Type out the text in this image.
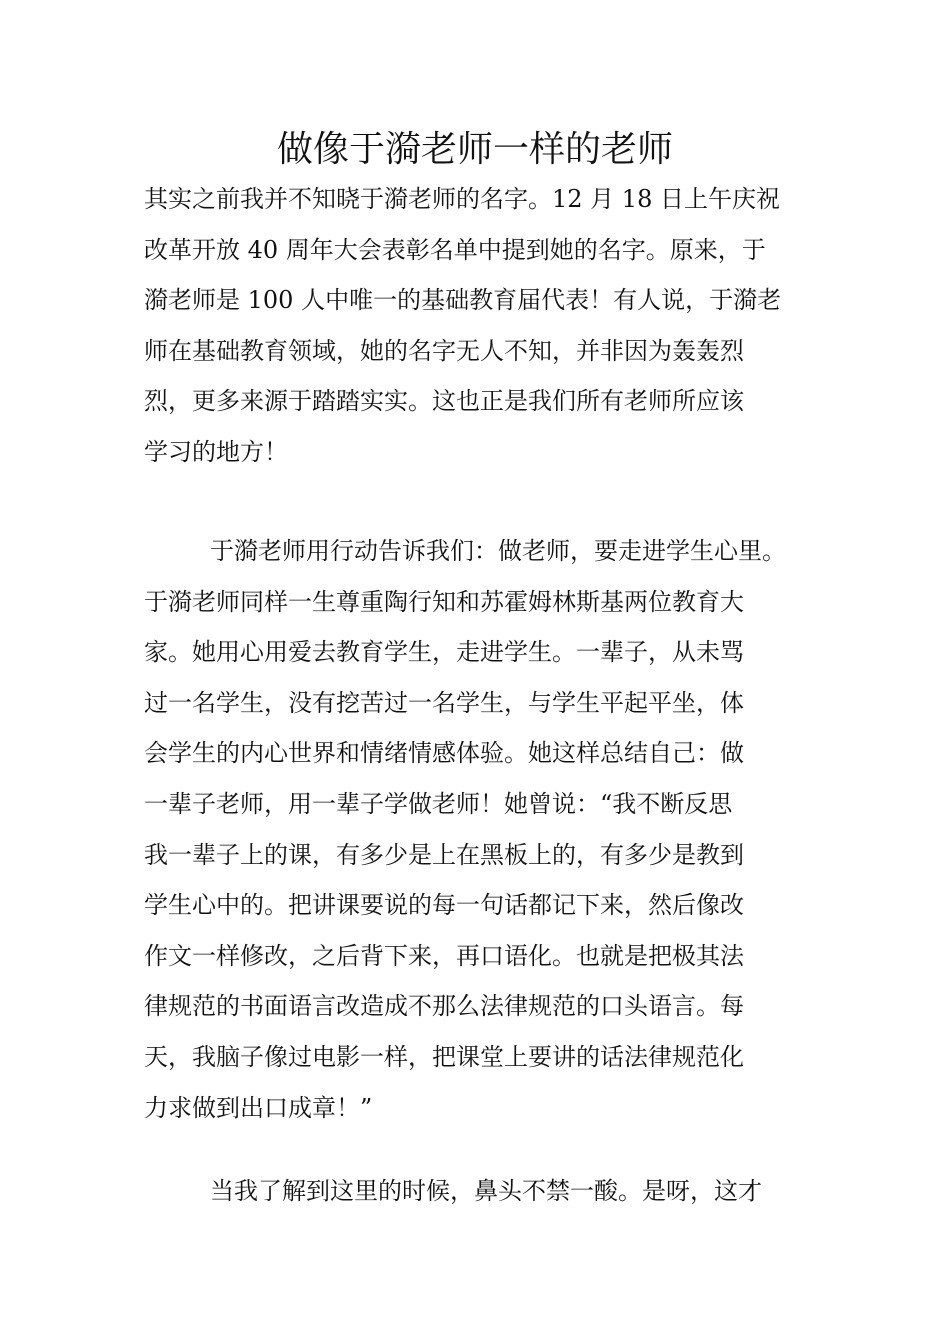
做像于漪老师一样的老师
其实之前我并不知晓于漪老师的名字。12 月 18 日上午庆祝
改革开放 40 周年大会表彰名单中提到她的名字。原来，于
漪老师是 100 人中唯一的基础教育届代表！有人说，于漪老
师在基础教育领域，她的名字无人不知，并非因为轰轰烈
烈，更多来源于踏踏实实。这也正是我们所有老师所应该
学习的地方！
于漪老师用行动告诉我们：做老师，要走进学生心里。
于漪老师同样一生尊重陶行知和苏霍姆林斯基两位教育大
家。她用心用爱去教育学生，走进学生。一辈子，从未骂
过一名学生，没有挖苦过一名学生，与学生平起平坐，体
会学生的内心世界和情绪情感体验。她这样总结自己：做
一辈子老师，用一辈子学做老师！她曾说：“我不断反思
我一辈子上的课，有多少是上在黑板上的，有多少是教到
学生心中的。把讲课要说的每一句话都记下来，然后像改
作文一样修改，之后背下来，再口语化。也就是把极其法
律规范的书面语言改造成不那么法律规范的口头语言。每
天，我脑子像过电影一样，把课堂上要讲的话法律规范化
力求做到出口成章！”
当我了解到这里的时候，鼻头不禁一酸。是呀，这才
